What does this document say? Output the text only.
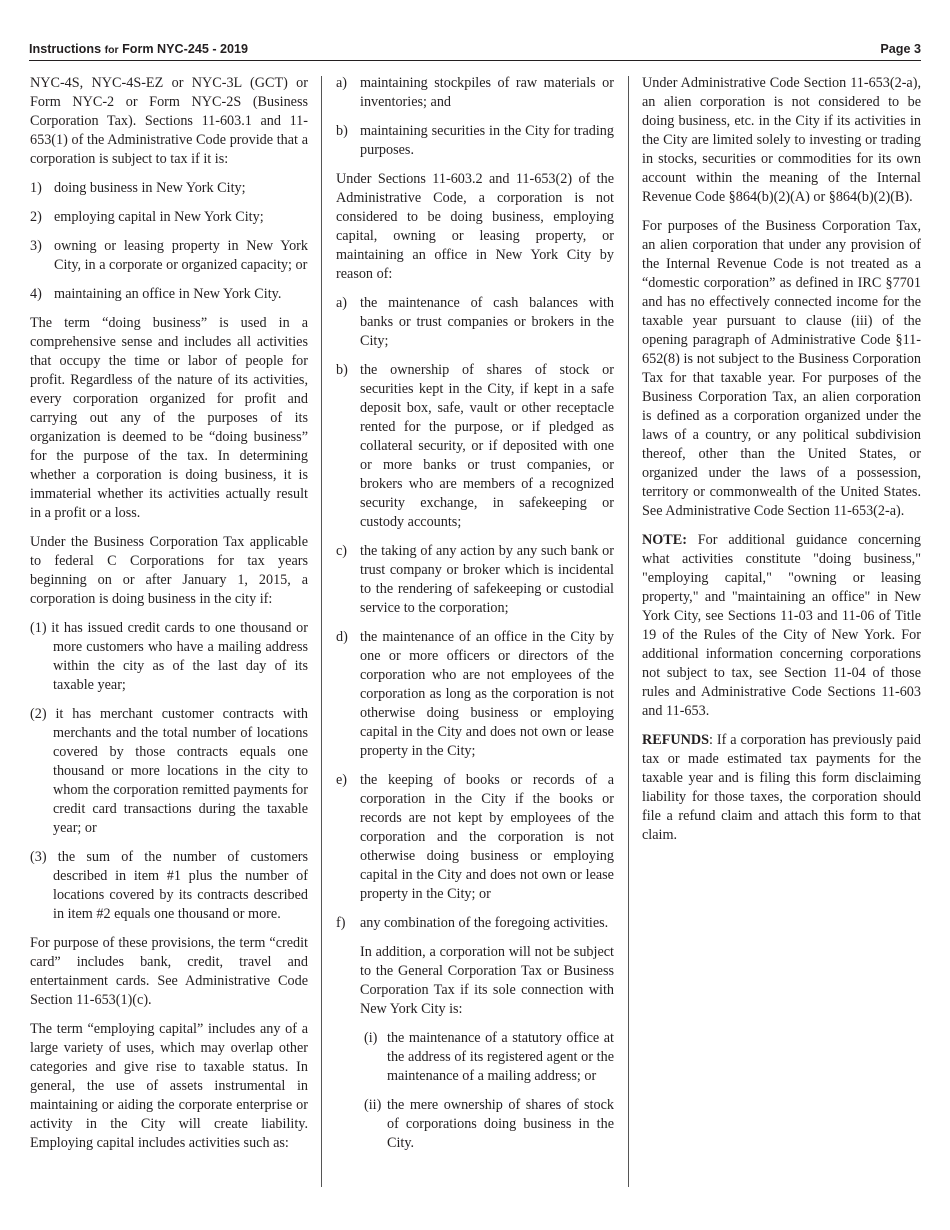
Instructions for Form NYC-245 - 2019	Page 3

NYC-4S, NYC-4S-EZ or NYC-3L (GCT) or Form NYC-2 or Form NYC-2S (Business Corporation Tax). Sections 11-603.1 and 11-653(1) of the Administrative Code provide that a corporation is subject to tax if it is:

1) doing business in New York City;
2) employing capital in New York City;
3) owning or leasing property in New York City, in a corporate or organized capacity; or
4) maintaining an office in New York City.

The term “doing business” is used in a comprehensive sense and includes all activities that occupy the time or labor of people for profit. Regardless of the nature of its activities, every corporation organized for profit and carrying out any of the purposes of its organization is deemed to be “doing business” for the purpose of the tax. In determining whether a corporation is doing business, it is immaterial whether its activities actually result in a profit or a loss.

Under the Business Corporation Tax applicable to federal C Corporations for tax years beginning on or after January 1, 2015, a corporation is doing business in the city if:

(1) it has issued credit cards to one thousand or more customers who have a mailing address within the city as of the last day of its taxable year;
(2) it has merchant customer contracts with merchants and the total number of locations covered by those contracts equals one thousand or more locations in the city to whom the corporation remitted payments for credit card transactions during the taxable year; or
(3) the sum of the number of customers described in item #1 plus the number of locations covered by its contracts described in item #2 equals one thousand or more.

For purpose of these provisions, the term “credit card” includes bank, credit, travel and entertainment cards. See Administrative Code Section 11-653(1)(c).

The term “employing capital” includes any of a large variety of uses, which may overlap other categories and give rise to taxable status. In general, the use of assets instrumental in maintaining or aiding the corporate enterprise or activity in the City will create liability. Employing capital includes activities such as:

a) maintaining stockpiles of raw materials or inventories; and
b) maintaining securities in the City for trading purposes.

Under Sections 11-603.2 and 11-653(2) of the Administrative Code, a corporation is not considered to be doing business, employing capital, owning or leasing property, or maintaining an office in New York City by reason of:

a) the maintenance of cash balances with banks or trust companies or brokers in the City;
b) the ownership of shares of stock or securities kept in the City, if kept in a safe deposit box, safe, vault or other receptacle rented for the purpose, or if pledged as collateral security, or if deposited with one or more banks or trust companies, or brokers who are members of a recognized security exchange, in safekeeping or custody accounts;
c) the taking of any action by any such bank or trust company or broker which is incidental to the rendering of safekeeping or custodial service to the corporation;
d) the maintenance of an office in the City by one or more officers or directors of the corporation who are not employees of the corporation as long as the corporation is not otherwise doing business or employing capital in the City and does not own or lease property in the City;
e) the keeping of books or records of a corporation in the City if the books or records are not kept by employees of the corporation and the corporation is not otherwise doing business or employing capital in the City and does not own or lease property in the City; or
f) any combination of the foregoing activities.

In addition, a corporation will not be subject to the General Corporation Tax or Business Corporation Tax if its sole connection with New York City is:

(i) the maintenance of a statutory office at the address of its registered agent or the maintenance of a mailing address; or
(ii) the mere ownership of shares of stock of corporations doing business in the City.

Under Administrative Code Section 11-653(2-a), an alien corporation is not considered to be doing business, etc. in the City if its activities in the City are limited solely to investing or trading in stocks, securities or commodities for its own account within the meaning of the Internal Revenue Code §864(b)(2)(A) or §864(b)(2)(B).

For purposes of the Business Corporation Tax, an alien corporation that under any provision of the Internal Revenue Code is not treated as a “domestic corporation” as defined in IRC §7701 and has no effectively connected income for the taxable year pursuant to clause (iii) of the opening paragraph of Administrative Code §11-652(8) is not subject to the Business Corporation Tax for that taxable year. For purposes of the Business Corporation Tax, an alien corporation is defined as a corporation organized under the laws of a country, or any political subdivision thereof, other than the United States, or organized under the laws of a possession, territory or commonwealth of the United States. See Administrative Code Section 11-653(2-a).

NOTE: For additional guidance concerning what activities constitute "doing business," "employing capital," "owning or leasing property," and "maintaining an office" in New York City, see Sections 11-03 and 11-06 of Title 19 of the Rules of the City of New York. For additional information concerning corporations not subject to tax, see Section 11-04 of those rules and Administrative Code Sections 11-603 and 11-653.

REFUNDS: If a corporation has previously paid tax or made estimated tax payments for the taxable year and is filing this form disclaiming liability for those taxes, the corporation should file a refund claim and attach this form to that claim.
